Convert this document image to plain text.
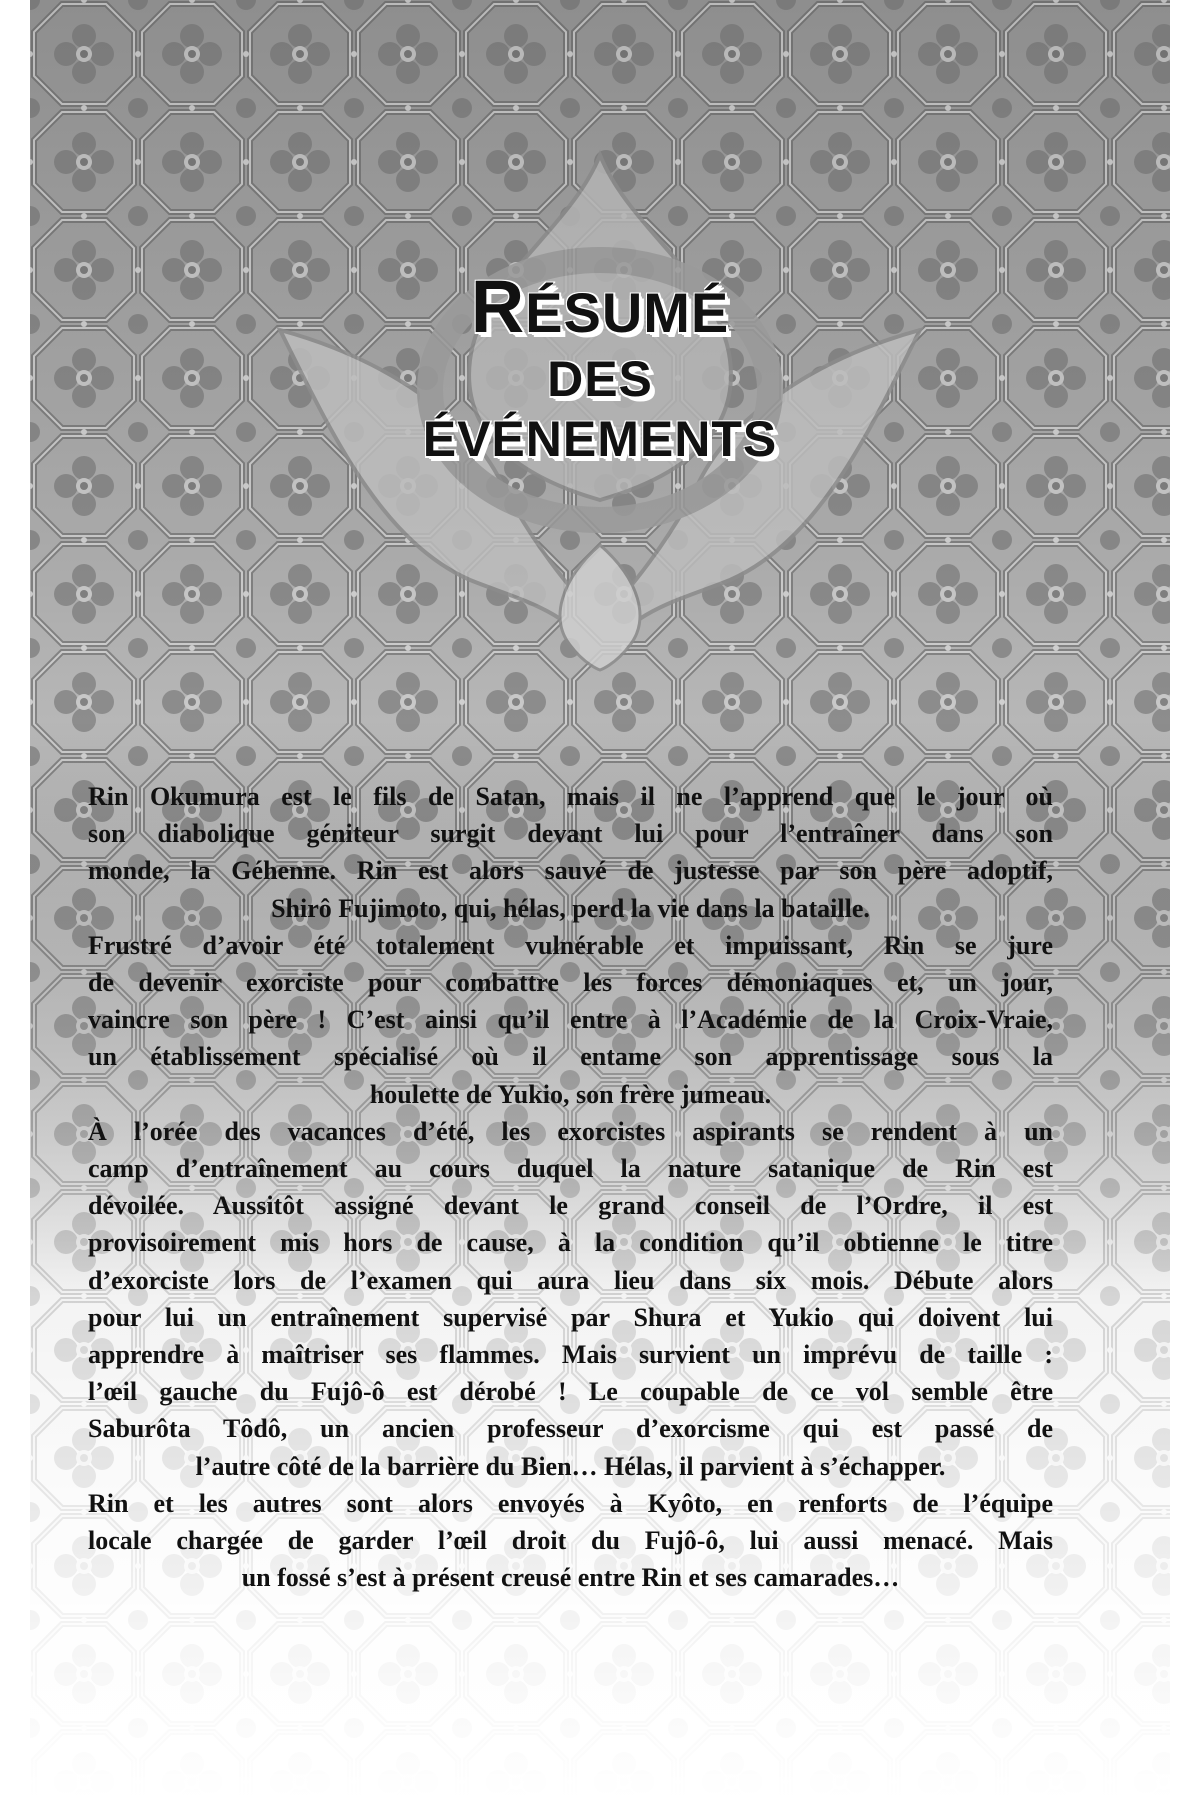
RÉSUMÉ
DES
ÉVÉNEMENTS
Rin Okumura est le fils de Satan, mais il ne l’apprend que le jour où
son diabolique géniteur surgit devant lui pour l’entraîner dans son
monde, la Géhenne. Rin est alors sauvé de justesse par son père adoptif,
Shirô Fujimoto, qui, hélas, perd la vie dans la bataille.
Frustré d’avoir été totalement vulnérable et impuissant, Rin se jure
de devenir exorciste pour combattre les forces démoniaques et, un jour,
vaincre son père ! C’est ainsi qu’il entre à l’Académie de la Croix-Vraie,
un établissement spécialisé où il entame son apprentissage sous la
houlette de Yukio, son frère jumeau.
À l’orée des vacances d’été, les exorcistes aspirants se rendent à un
camp d’entraînement au cours duquel la nature satanique de Rin est
dévoilée. Aussitôt assigné devant le grand conseil de l’Ordre, il est
provisoirement mis hors de cause, à la condition qu’il obtienne le titre
d’exorciste lors de l’examen qui aura lieu dans six mois. Débute alors
pour lui un entraînement supervisé par Shura et Yukio qui doivent lui
apprendre à maîtriser ses flammes. Mais survient un imprévu de taille :
l’œil gauche du Fujô-ô est dérobé ! Le coupable de ce vol semble être
Saburôta Tôdô, un ancien professeur d’exorcisme qui est passé de
l’autre côté de la barrière du Bien… Hélas, il parvient à s’échapper.
Rin et les autres sont alors envoyés à Kyôto, en renforts de l’équipe
locale chargée de garder l’œil droit du Fujô-ô, lui aussi menacé. Mais
un fossé s’est à présent creusé entre Rin et ses camarades…
